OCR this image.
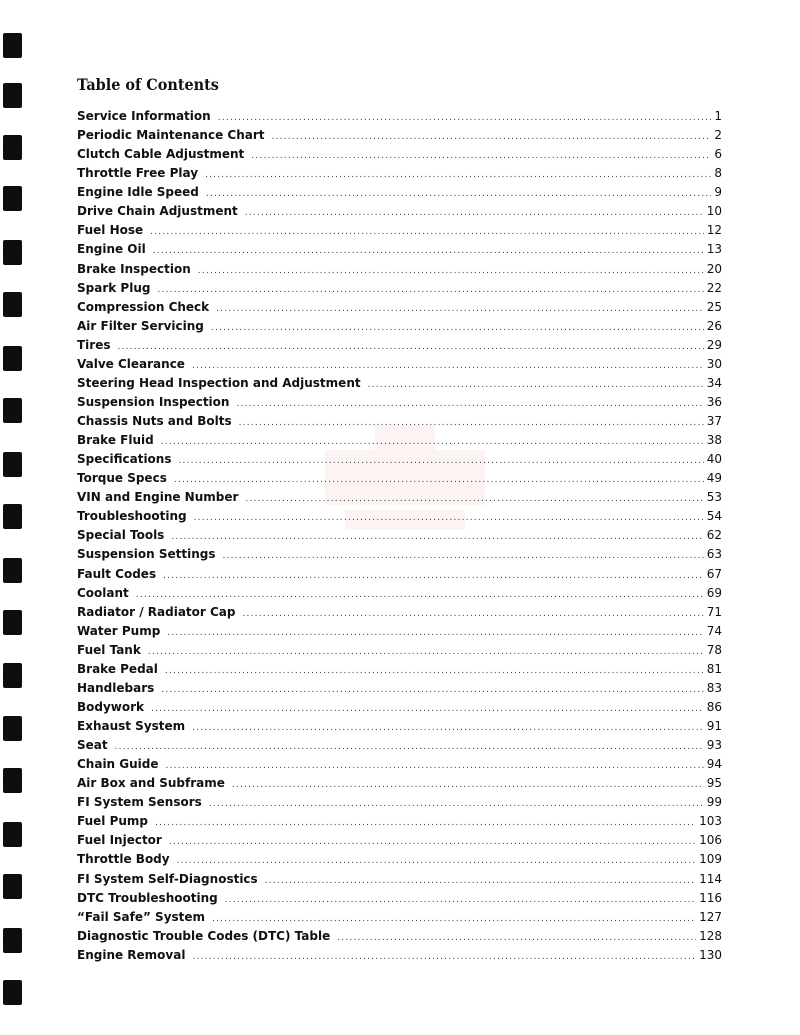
Table of Contents
Service Information .....	1
Periodic Maintenance Chart .....	2
Clutch Cable Adjustment .....	6
Throttle Free Play .....	8
Engine Idle Speed .....	9
Drive Chain Adjustment .....	10
Fuel Hose .....	12
Engine Oil .....	13
Brake Inspection .....	20
Spark Plug .....	22
Compression Check .....	25
Air Filter Servicing .....	26
Tires .....	29
Valve Clearance .....	30
Steering Head Inspection and Adjustment .....	34
Suspension Inspection .....	36
Chassis Nuts and Bolts .....	37
Brake Fluid .....	38
Specifications .....	40
Torque Specs .....	49
VIN and Engine Number .....	53
Troubleshooting .....	54
Special Tools .....	62
Suspension Settings .....	63
Fault Codes .....	67
Coolant .....	69
Radiator / Radiator Cap .....	71
Water Pump .....	74
Fuel Tank .....	78
Brake Pedal .....	81
Handlebars .....	83
Bodywork .....	86
Exhaust System .....	91
Seat .....	93
Chain Guide .....	94
Air Box and Subframe .....	95
FI System Sensors .....	99
Fuel Pump .....	103
Fuel Injector .....	106
Throttle Body .....	109
FI System Self-Diagnostics .....	114
DTC Troubleshooting .....	116
“Fail Safe” System .....	127
Diagnostic Trouble Codes (DTC) Table .....	128
Engine Removal .....	130
